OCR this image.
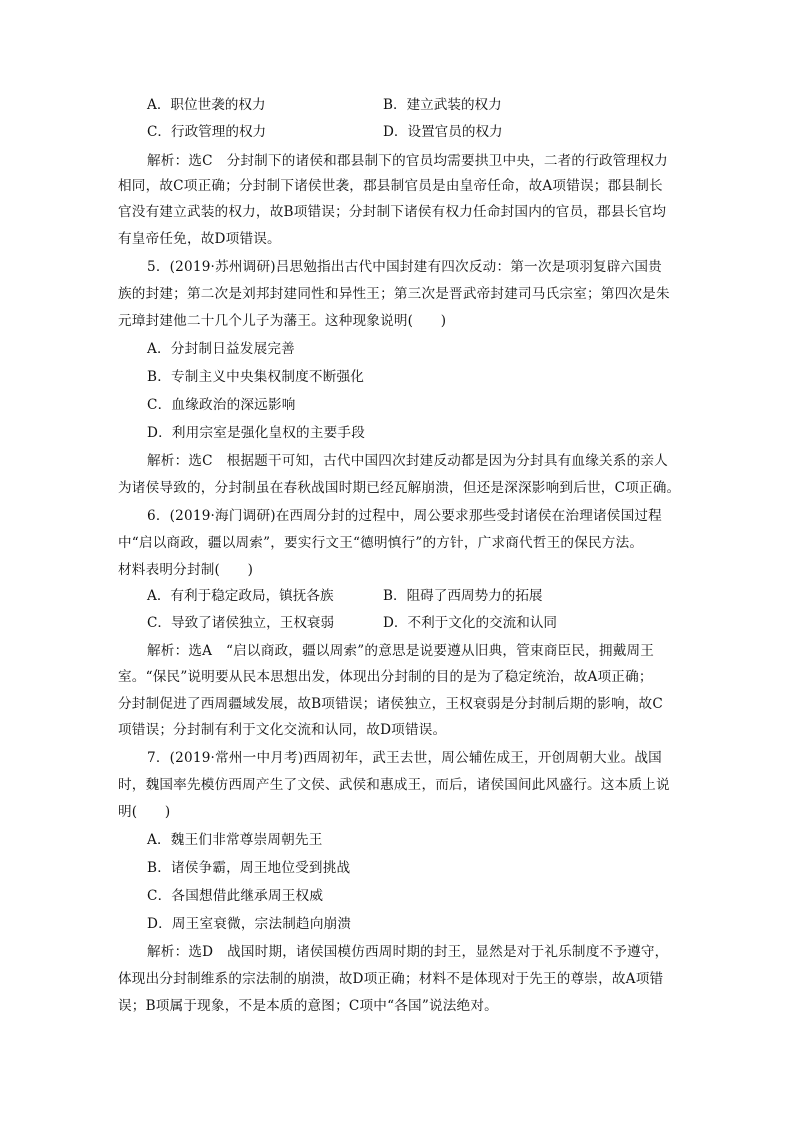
A．职位世袭的权力	B．建立武装的权力
C．行政管理的权力	D．设置官员的权力
解析：选C　分封制下的诸侯和郡县制下的官员均需要拱卫中央，二者的行政管理权力
相同，故C项正确；分封制下诸侯世袭，郡县制官员是由皇帝任命，故A项错误；郡县制长
官没有建立武装的权力，故B项错误；分封制下诸侯有权力任命封国内的官员，郡县长官均
有皇帝任免，故D项错误。
5．(2019·苏州调研)吕思勉指出古代中国封建有四次反动：第一次是项羽复辟六国贵
族的封建；第二次是刘邦封建同性和异性王；第三次是晋武帝封建司马氏宗室；第四次是朱
元璋封建他二十几个儿子为藩王。这种现象说明(　　)
A．分封制日益发展完善
B．专制主义中央集权制度不断强化
C．血缘政治的深远影响
D．利用宗室是强化皇权的主要手段
解析：选C　根据题干可知，古代中国四次封建反动都是因为分封具有血缘关系的亲人
为诸侯导致的，分封制虽在春秋战国时期已经瓦解崩溃，但还是深深影响到后世，C项正确。
6．(2019·海门调研)在西周分封的过程中，周公要求那些受封诸侯在治理诸侯国过程
中“启以商政，疆以周索”，要实行文王“德明慎行”的方针，广求商代哲王的保民方法。
材料表明分封制(　　)
A．有利于稳定政局，镇抚各族	B．阻碍了西周势力的拓展
C．导致了诸侯独立，王权衰弱	D．不利于文化的交流和认同
解析：选A　“启以商政，疆以周索”的意思是说要遵从旧典，管束商臣民，拥戴周王
室。“保民”说明要从民本思想出发，体现出分封制的目的是为了稳定统治，故A项正确；
分封制促进了西周疆域发展，故B项错误；诸侯独立，王权衰弱是分封制后期的影响，故C
项错误；分封制有利于文化交流和认同，故D项错误。
7．(2019·常州一中月考)西周初年，武王去世，周公辅佐成王，开创周朝大业。战国
时，魏国率先模仿西周产生了文侯、武侯和惠成王，而后，诸侯国间此风盛行。这本质上说
明(　　)
A．魏王们非常尊崇周朝先王
B．诸侯争霸，周王地位受到挑战
C．各国想借此继承周王权威
D．周王室衰微，宗法制趋向崩溃
解析：选D　战国时期，诸侯国模仿西周时期的封王，显然是对于礼乐制度不予遵守，
体现出分封制维系的宗法制的崩溃，故D项正确；材料不是体现对于先王的尊崇，故A项错
误；B项属于现象，不是本质的意图；C项中“各国”说法绝对。
